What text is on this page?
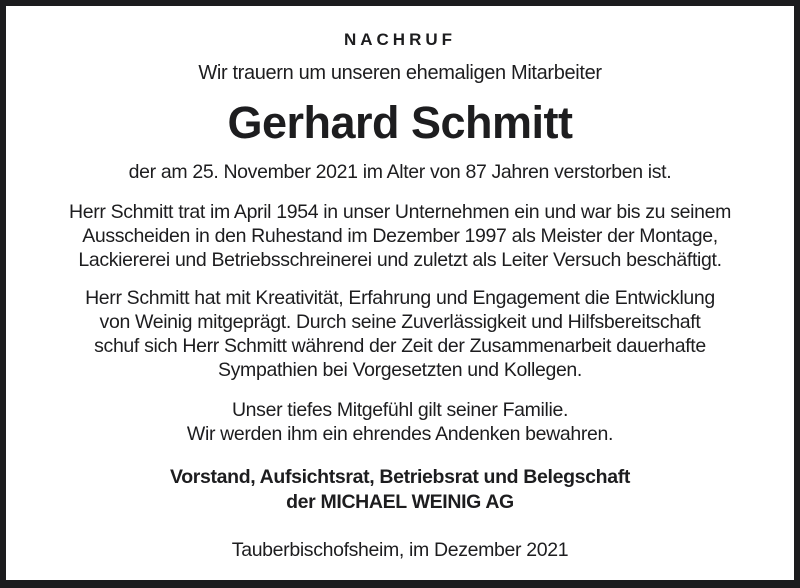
NACHRUF
Wir trauern um unseren ehemaligen Mitarbeiter
Gerhard Schmitt
der am 25. November 2021 im Alter von 87 Jahren verstorben ist.
Herr Schmitt trat im April 1954 in unser Unternehmen ein und war bis zu seinem
Ausscheiden in den Ruhestand im Dezember 1997 als Meister der Montage,
Lackiererei und Betriebsschreinerei und zuletzt als Leiter Versuch beschäftigt.
Herr Schmitt hat mit Kreativität, Erfahrung und Engagement die Entwicklung
von Weinig mitgeprägt. Durch seine Zuverlässigkeit und Hilfsbereitschaft
schuf sich Herr Schmitt während der Zeit der Zusammenarbeit dauerhafte
Sympathien bei Vorgesetzten und Kollegen.
Unser tiefes Mitgefühl gilt seiner Familie.
Wir werden ihm ein ehrendes Andenken bewahren.
Vorstand, Aufsichtsrat, Betriebsrat und Belegschaft
der MICHAEL WEINIG AG
Tauberbischofsheim, im Dezember 2021
